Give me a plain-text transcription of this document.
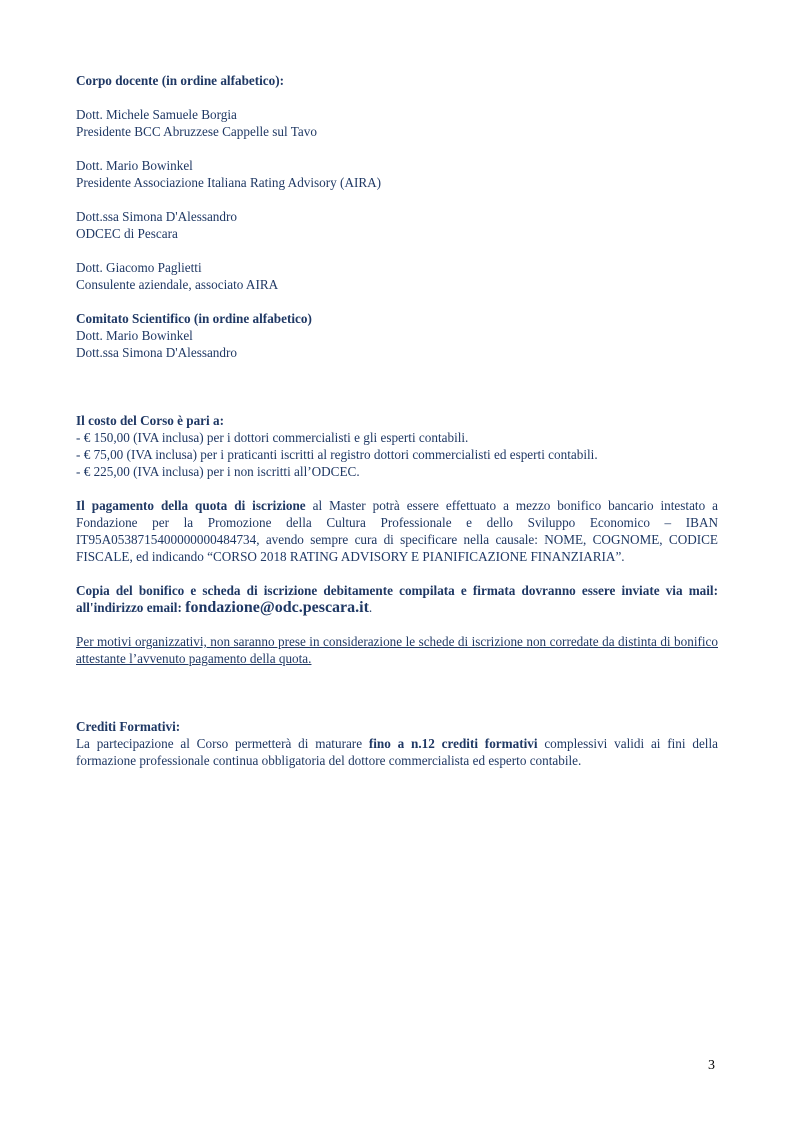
Corpo docente (in ordine alfabetico):

Dott. Michele Samuele Borgia

Presidente BCC Abruzzese Cappelle sul Tavo

Dott. Mario Bowinkel

Presidente Associazione Italiana Rating Advisory (AIRA)

Dott.ssa Simona D'Alessandro

ODCEC di Pescara

Dott. Giacomo Paglietti

Consulente aziendale, associato AIRA

Comitato Scientifico (in ordine alfabetico)

Dott. Mario Bowinkel

Dott.ssa Simona D'Alessandro

Il costo del Corso è pari a:

- € 150,00 (IVA inclusa) per i dottori commercialisti e gli esperti contabili.

- € 75,00 (IVA inclusa) per i praticanti iscritti al registro dottori commercialisti ed esperti contabili.

- € 225,00 (IVA inclusa) per i non iscritti all’ODCEC.

Il pagamento della quota di iscrizione al Master potrà essere effettuato a mezzo bonifico bancario intestato a Fondazione per la Promozione della Cultura Professionale e dello Sviluppo Economico – IBAN IT95A0538715400000000484734, avendo sempre cura di specificare nella causale: NOME, COGNOME, CODICE FISCALE, ed indicando “CORSO 2018 RATING ADVISORY E PIANIFICAZIONE FINANZIARIA”.

Copia del bonifico e scheda di iscrizione debitamente compilata e firmata dovranno essere inviate via mail: all'indirizzo email: fondazione@odc.pescara.it.

Per motivi organizzativi, non saranno prese in considerazione le schede di iscrizione non corredate da distinta di bonifico attestante l’avvenuto pagamento della quota.

Crediti Formativi:

La partecipazione al Corso permetterà di maturare fino a n.12 crediti formativi complessivi validi ai fini della formazione professionale continua obbligatoria del dottore commercialista ed esperto contabile.

3
